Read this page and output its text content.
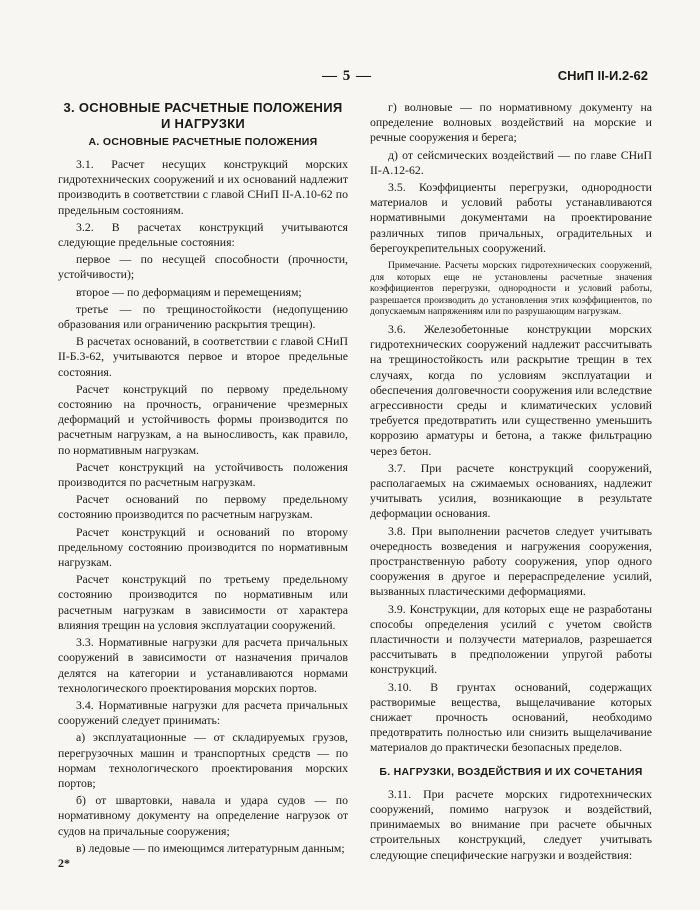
— 5 —	СНиП II-И.2-62
3. ОСНОВНЫЕ РАСЧЕТНЫЕ ПОЛОЖЕНИЯ И НАГРУЗКИ
А. ОСНОВНЫЕ РАСЧЕТНЫЕ ПОЛОЖЕНИЯ

3.1. Расчет несущих конструкций морских гидротехнических сооружений и их оснований надлежит производить в соответствии с главой СНиП II-А.10-62 по предельным состояниям.

3.2. В расчетах конструкций учитываются следующие предельные состояния:

первое — по несущей способности (прочности, устойчивости);

второе — по деформациям и перемещениям;

третье — по трещиностойкости (недопущению образования или ограничению раскрытия трещин).

В расчетах оснований, в соответствии с главой СНиП II-Б.3-62, учитываются первое и второе предельные состояния.

Расчет конструкций по первому предельному состоянию на прочность, ограничение чрезмерных деформаций и устойчивость формы производится по расчетным нагрузкам, а на выносливость, как правило, по нормативным нагрузкам.

Расчет конструкций на устойчивость положения производится по расчетным нагрузкам.

Расчет оснований по первому предельному состоянию производится по расчетным нагрузкам.

Расчет конструкций и оснований по второму предельному состоянию производится по нормативным нагрузкам.

Расчет конструкций по третьему предельному состоянию производится по нормативным или расчетным нагрузкам в зависимости от характера влияния трещин на условия эксплуатации сооружений.

3.3. Нормативные нагрузки для расчета причальных сооружений в зависимости от назначения причалов делятся на категории и устанавливаются нормами технологического проектирования морских портов.

3.4. Нормативные нагрузки для расчета причальных сооружений следует принимать:

а) эксплуатационные — от складируемых грузов, перегрузочных машин и транспортных средств — по нормам технологического проектирования морских портов;

б) от швартовки, навала и удара судов — по нормативному документу на определение нагрузок от судов на причальные сооружения;

в) ледовые — по имеющимся литературным данным;

2*

г) волновые — по нормативному документу на определение волновых воздействий на морские и речные сооружения и берега;

д) от сейсмических воздействий — по главе СНиП II-А.12-62.

3.5. Коэффициенты перегрузки, однородности материалов и условий работы устанавливаются нормативными документами на проектирование различных типов причальных, оградительных и берегоукрепительных сооружений.

Примечание. Расчеты морских гидротехнических сооружений, для которых еще не установлены расчетные значения коэффициентов перегрузки, однородности и условий работы, разрешается производить до установления этих коэффициентов, по допускаемым напряжениям или по разрушающим нагрузкам.

3.6. Железобетонные конструкции морских гидротехнических сооружений надлежит рассчитывать на трещиностойкость или раскрытие трещин в тех случаях, когда по условиям эксплуатации и обеспечения долговечности сооружения или вследствие агрессивности среды и климатических условий требуется предотвратить или существенно уменьшить коррозию арматуры и бетона, а также фильтрацию через бетон.

3.7. При расчете конструкций сооружений, располагаемых на сжимаемых основаниях, надлежит учитывать усилия, возникающие в результате деформации основания.

3.8. При выполнении расчетов следует учитывать очередность возведения и нагружения сооружения, пространственную работу сооружения, упор одного сооружения в другое и перераспределение усилий, вызванных пластическими деформациями.

3.9. Конструкции, для которых еще не разработаны способы определения усилий с учетом свойств пластичности и ползучести материалов, разрешается рассчитывать в предположении упругой работы конструкций.

3.10. В грунтах оснований, содержащих растворимые вещества, выщелачивание которых снижает прочность оснований, необходимо предотвратить полностью или снизить выщелачивание материалов до практически безопасных пределов.

Б. НАГРУЗКИ, ВОЗДЕЙСТВИЯ И ИХ СОЧЕТАНИЯ

3.11. При расчете морских гидротехнических сооружений, помимо нагрузок и воздействий, принимаемых во внимание при расчете обычных строительных конструкций, следует учитывать следующие специфические нагрузки и воздействия:
